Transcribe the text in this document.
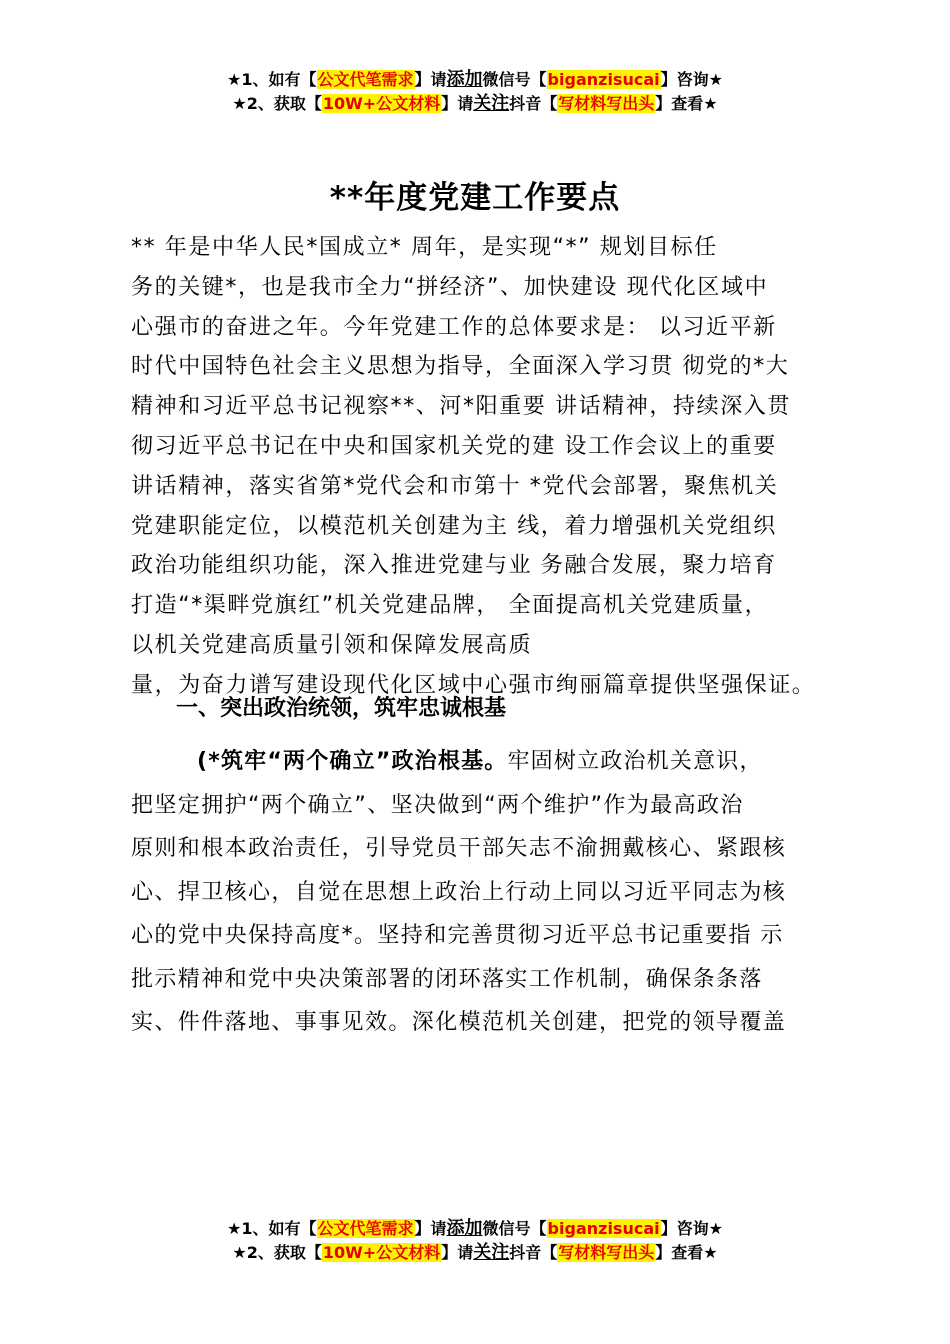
★1、如有【公文代笔需求】请添加微信号【biganzisucai】咨询★
★2、获取【10W+公文材料】请关注抖音【写材料写出头】查看★
**年度党建工作要点
** 年是中华人民*国成立* 周年，是实现“*” 规划目标任
务的关键*，也是我市全力“拼经济”、加快建设 现代化区域中
心强市的奋进之年。今年党建工作的总体要求是： 以习近平新
时代中国特色社会主义思想为指导，全面深入学习贯 彻党的*大
精神和习近平总书记视察**、河*阳重要 讲话精神，持续深入贯
彻习近平总书记在中央和国家机关党的建 设工作会议上的重要
讲话精神，落实省第*党代会和市第十 *党代会部署，聚焦机关
党建职能定位，以模范机关创建为主 线，着力增强机关党组织
政治功能组织功能，深入推进党建与业 务融合发展，聚力培育
打造“*渠畔党旗红”机关党建品牌， 全面提高机关党建质量，
以机关党建高质量引领和保障发展高质
量，为奋力谱写建设现代化区域中心强市绚丽篇章提供坚强保证。
一、突出政治统领，筑牢忠诚根基
(*筑牢“两个确立”政治根基。牢固树立政治机关意识，
把坚定拥护“两个确立”、坚决做到“两个维护”作为最高政治
原则和根本政治责任，引导党员干部矢志不渝拥戴核心、紧跟核
心、捍卫核心，自觉在思想上政治上行动上同以习近平同志为核
心的党中央保持高度*。坚持和完善贯彻习近平总书记重要指 示
批示精神和党中央决策部署的闭环落实工作机制，确保条条落
实、件件落地、事事见效。深化模范机关创建，把党的领导覆盖
★1、如有【公文代笔需求】请添加微信号【biganzisucai】咨询★
★2、获取【10W+公文材料】请关注抖音【写材料写出头】查看★
